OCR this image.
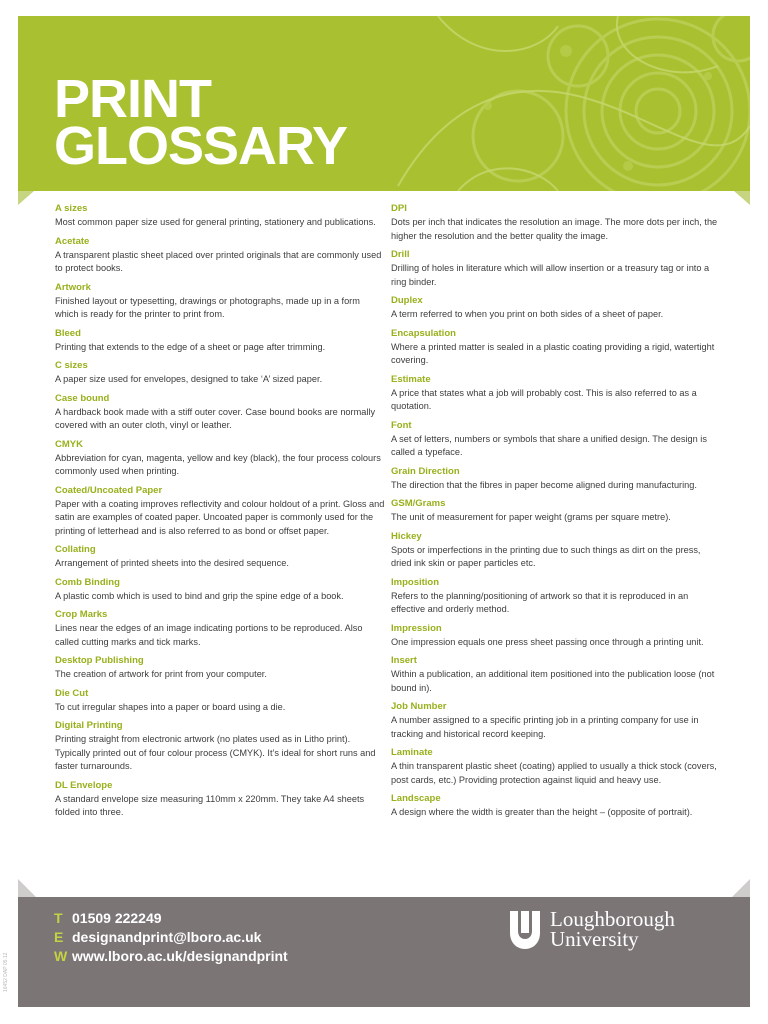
PRINT
GLOSSARY
A sizes
Most common paper size used for general printing, stationery and publications.
Acetate
A transparent plastic sheet placed over printed originals that are commonly used to protect books.
Artwork
Finished layout or typesetting, drawings or photographs, made up in a form which is ready for the printer to print from.
Bleed
Printing that extends to the edge of a sheet or page after trimming.
C sizes
A paper size used for envelopes, designed to take ‘A’ sized paper.
Case bound
A hardback book made with a stiff outer cover. Case bound books are normally covered with an outer cloth, vinyl or leather.
CMYK
Abbreviation for cyan, magenta, yellow and key (black), the four process colours commonly used when printing.
Coated/Uncoated Paper
Paper with a coating improves reflectivity and colour holdout of a print. Gloss and satin are examples of coated paper. Uncoated paper is commonly used for the printing of letterhead and is also referred to as bond or offset paper.
Collating
Arrangement of printed sheets into the desired sequence.
Comb Binding
A plastic comb which is used to bind and grip the spine edge of a book.
Crop Marks
Lines near the edges of an image indicating portions to be reproduced. Also called cutting marks and tick marks.
Desktop Publishing
The creation of artwork for print from your computer.
Die Cut
To cut irregular shapes into a paper or board using a die.
Digital Printing
Printing straight from electronic artwork (no plates used as in Litho print). Typically printed out of four colour process (CMYK). It’s ideal for short runs and faster turnarounds.
DL Envelope
A standard envelope size measuring 110mm x 220mm. They take A4 sheets folded into three.
DPI
Dots per inch that indicates the resolution an image. The more dots per inch, the higher the resolution and the better quality the image.
Drill
Drilling of holes in literature which will allow insertion or a treasury tag or into a ring binder.
Duplex
A term referred to when you print on both sides of a sheet of paper.
Encapsulation
Where a printed matter is sealed in a plastic coating providing a rigid, watertight covering.
Estimate
A price that states what a job will probably cost. This is also referred to as a quotation.
Font
A set of letters, numbers or symbols that share a unified design. The design is called a typeface.
Grain Direction
The direction that the fibres in paper become aligned during manufacturing.
GSM/Grams
The unit of measurement for paper weight (grams per square metre).
Hickey
Spots or imperfections in the printing due to such things as dirt on the press, dried ink skin or paper particles etc.
Imposition
Refers to the planning/positioning of artwork so that it is reproduced in an effective and orderly method.
Impression
One impression equals one press sheet passing once through a printing unit.
Insert
Within a publication, an additional item positioned into the publication loose (not bound in).
Job Number
A number assigned to a specific printing job in a printing company for use in tracking and historical record keeping.
Laminate
A thin transparent plastic sheet (coating) applied to usually a thick stock (covers, post cards, etc.) Providing protection against liquid and heavy use.
Landscape
A design where the width is greater than the height – (opposite of portrait).
T 01509 222249
E designandprint@lboro.ac.uk
W www.lboro.ac.uk/designandprint
Loughborough
University
16452 DAP 05.12
